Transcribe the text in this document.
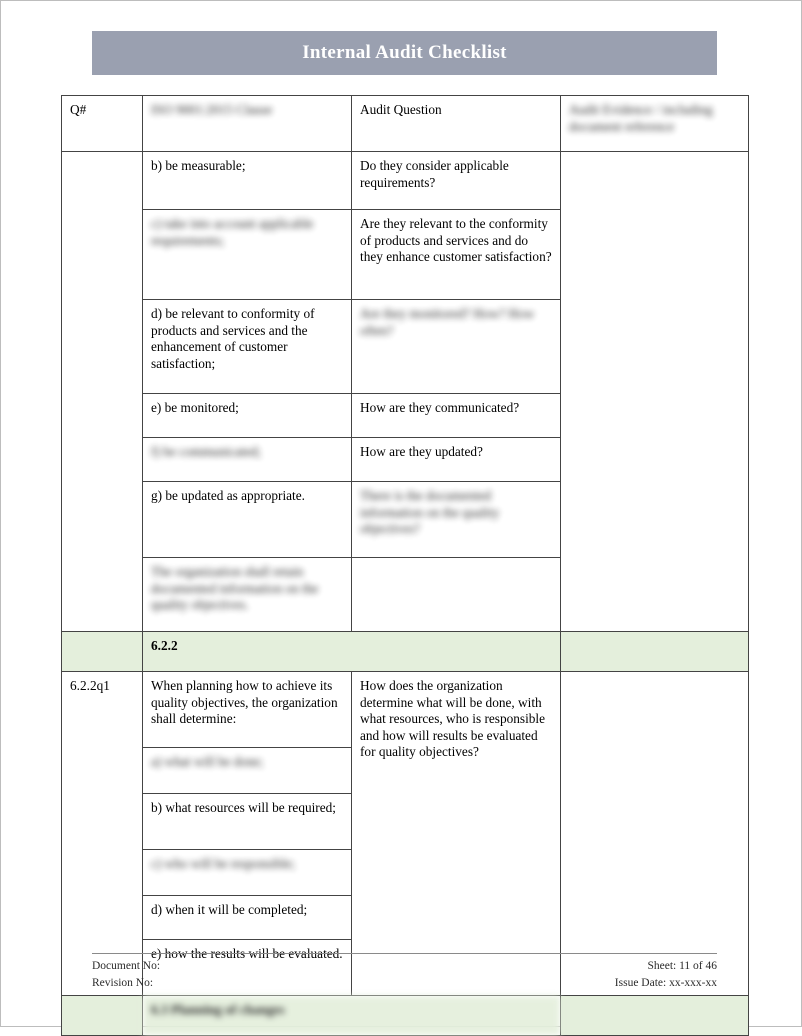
Internal Audit Checklist
Q#	ISO 9001:2015 Clause	Audit Question	Audit Evidence / including document reference
	b) be measurable;	Do they consider applicable requirements?	
	c) take into account applicable requirements;	Are they relevant to the conformity of products and services and do they enhance customer satisfaction?	
	d) be relevant to conformity of products and services and the enhancement of customer satisfaction;	Are they monitored? How? How often?	
	e) be monitored;	How are they communicated?	
	f) be communicated;	How are they updated?	
	g) be updated as appropriate.	There is the documented information on the quality objectives?	
	The organization shall retain documented information on the quality objectives.		
	6.2.2		
6.2.2q1	When planning how to achieve its quality objectives, the organization shall determine:	How does the organization determine what will be done, with what resources, who is responsible and how will results be evaluated for quality objectives?	
	a) what will be done;		
	b) what resources will be required;		
	c) who will be responsible;		
	d) when it will be completed;		
	e) how the results will be evaluated.		
	6.3 Planning of changes		
Document No:
Revision No:
Sheet: 11 of 46
Issue Date: xx-xxx-xx
